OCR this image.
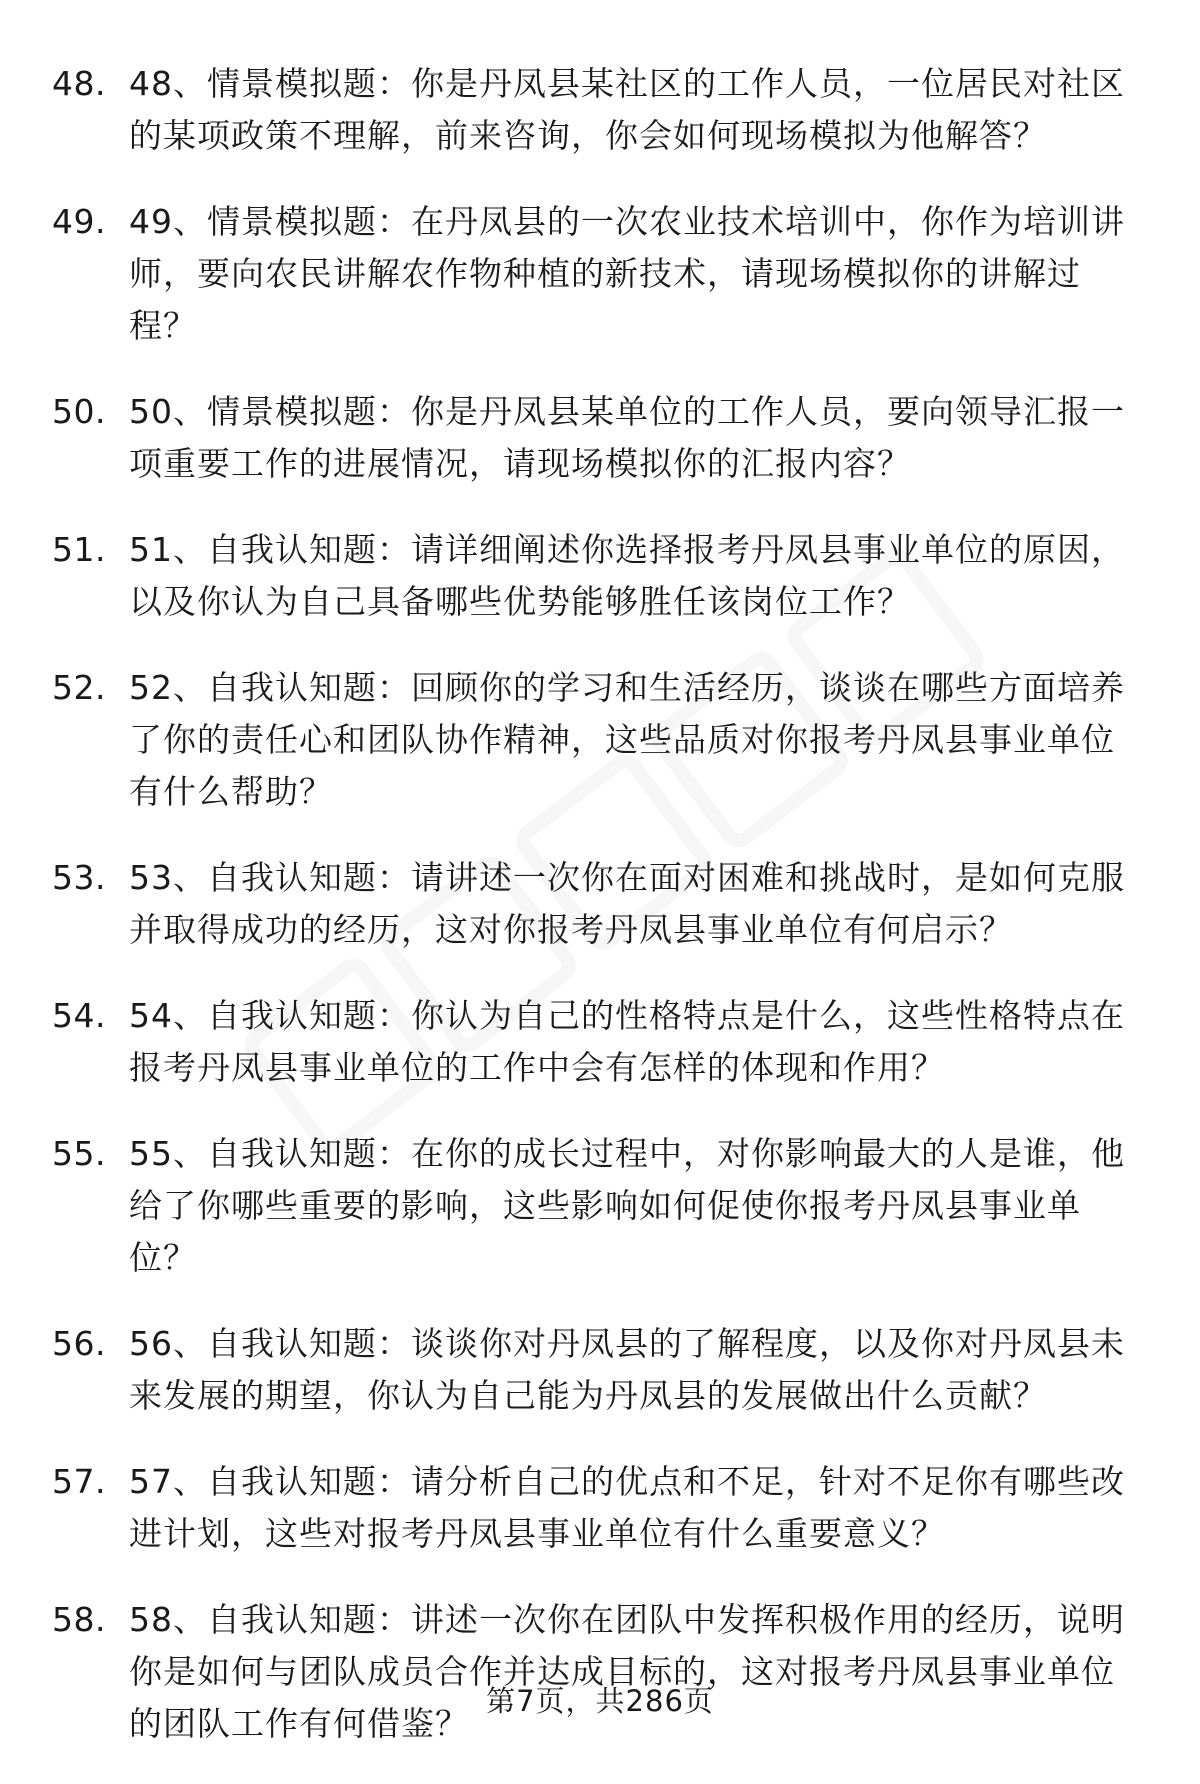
48. 48、情景模拟题：你是丹凤县某社区的工作人员，一位居民对社区的某项政策不理解，前来咨询，你会如何现场模拟为他解答？
49. 49、情景模拟题：在丹凤县的一次农业技术培训中，你作为培训讲师，要向农民讲解农作物种植的新技术，请现场模拟你的讲解过程？
50. 50、情景模拟题：你是丹凤县某单位的工作人员，要向领导汇报一项重要工作的进展情况，请现场模拟你的汇报内容？
51. 51、自我认知题：请详细阐述你选择报考丹凤县事业单位的原因，以及你认为自己具备哪些优势能够胜任该岗位工作？
52. 52、自我认知题：回顾你的学习和生活经历，谈谈在哪些方面培养了你的责任心和团队协作精神，这些品质对你报考丹凤县事业单位有什么帮助？
53. 53、自我认知题：请讲述一次你在面对困难和挑战时，是如何克服并取得成功的经历，这对你报考丹凤县事业单位有何启示？
54. 54、自我认知题：你认为自己的性格特点是什么，这些性格特点在报考丹凤县事业单位的工作中会有怎样的体现和作用？
55. 55、自我认知题：在你的成长过程中，对你影响最大的人是谁，他给了你哪些重要的影响，这些影响如何促使你报考丹凤县事业单位？
56. 56、自我认知题：谈谈你对丹凤县的了解程度，以及你对丹凤县未来发展的期望，你认为自己能为丹凤县的发展做出什么贡献？
57. 57、自我认知题：请分析自己的优点和不足，针对不足你有哪些改进计划，这些对报考丹凤县事业单位有什么重要意义？
58. 58、自我认知题：讲述一次你在团队中发挥积极作用的经历，说明你是如何与团队成员合作并达成目标的，这对报考丹凤县事业单位的团队工作有何借鉴？
第7页，共286页
